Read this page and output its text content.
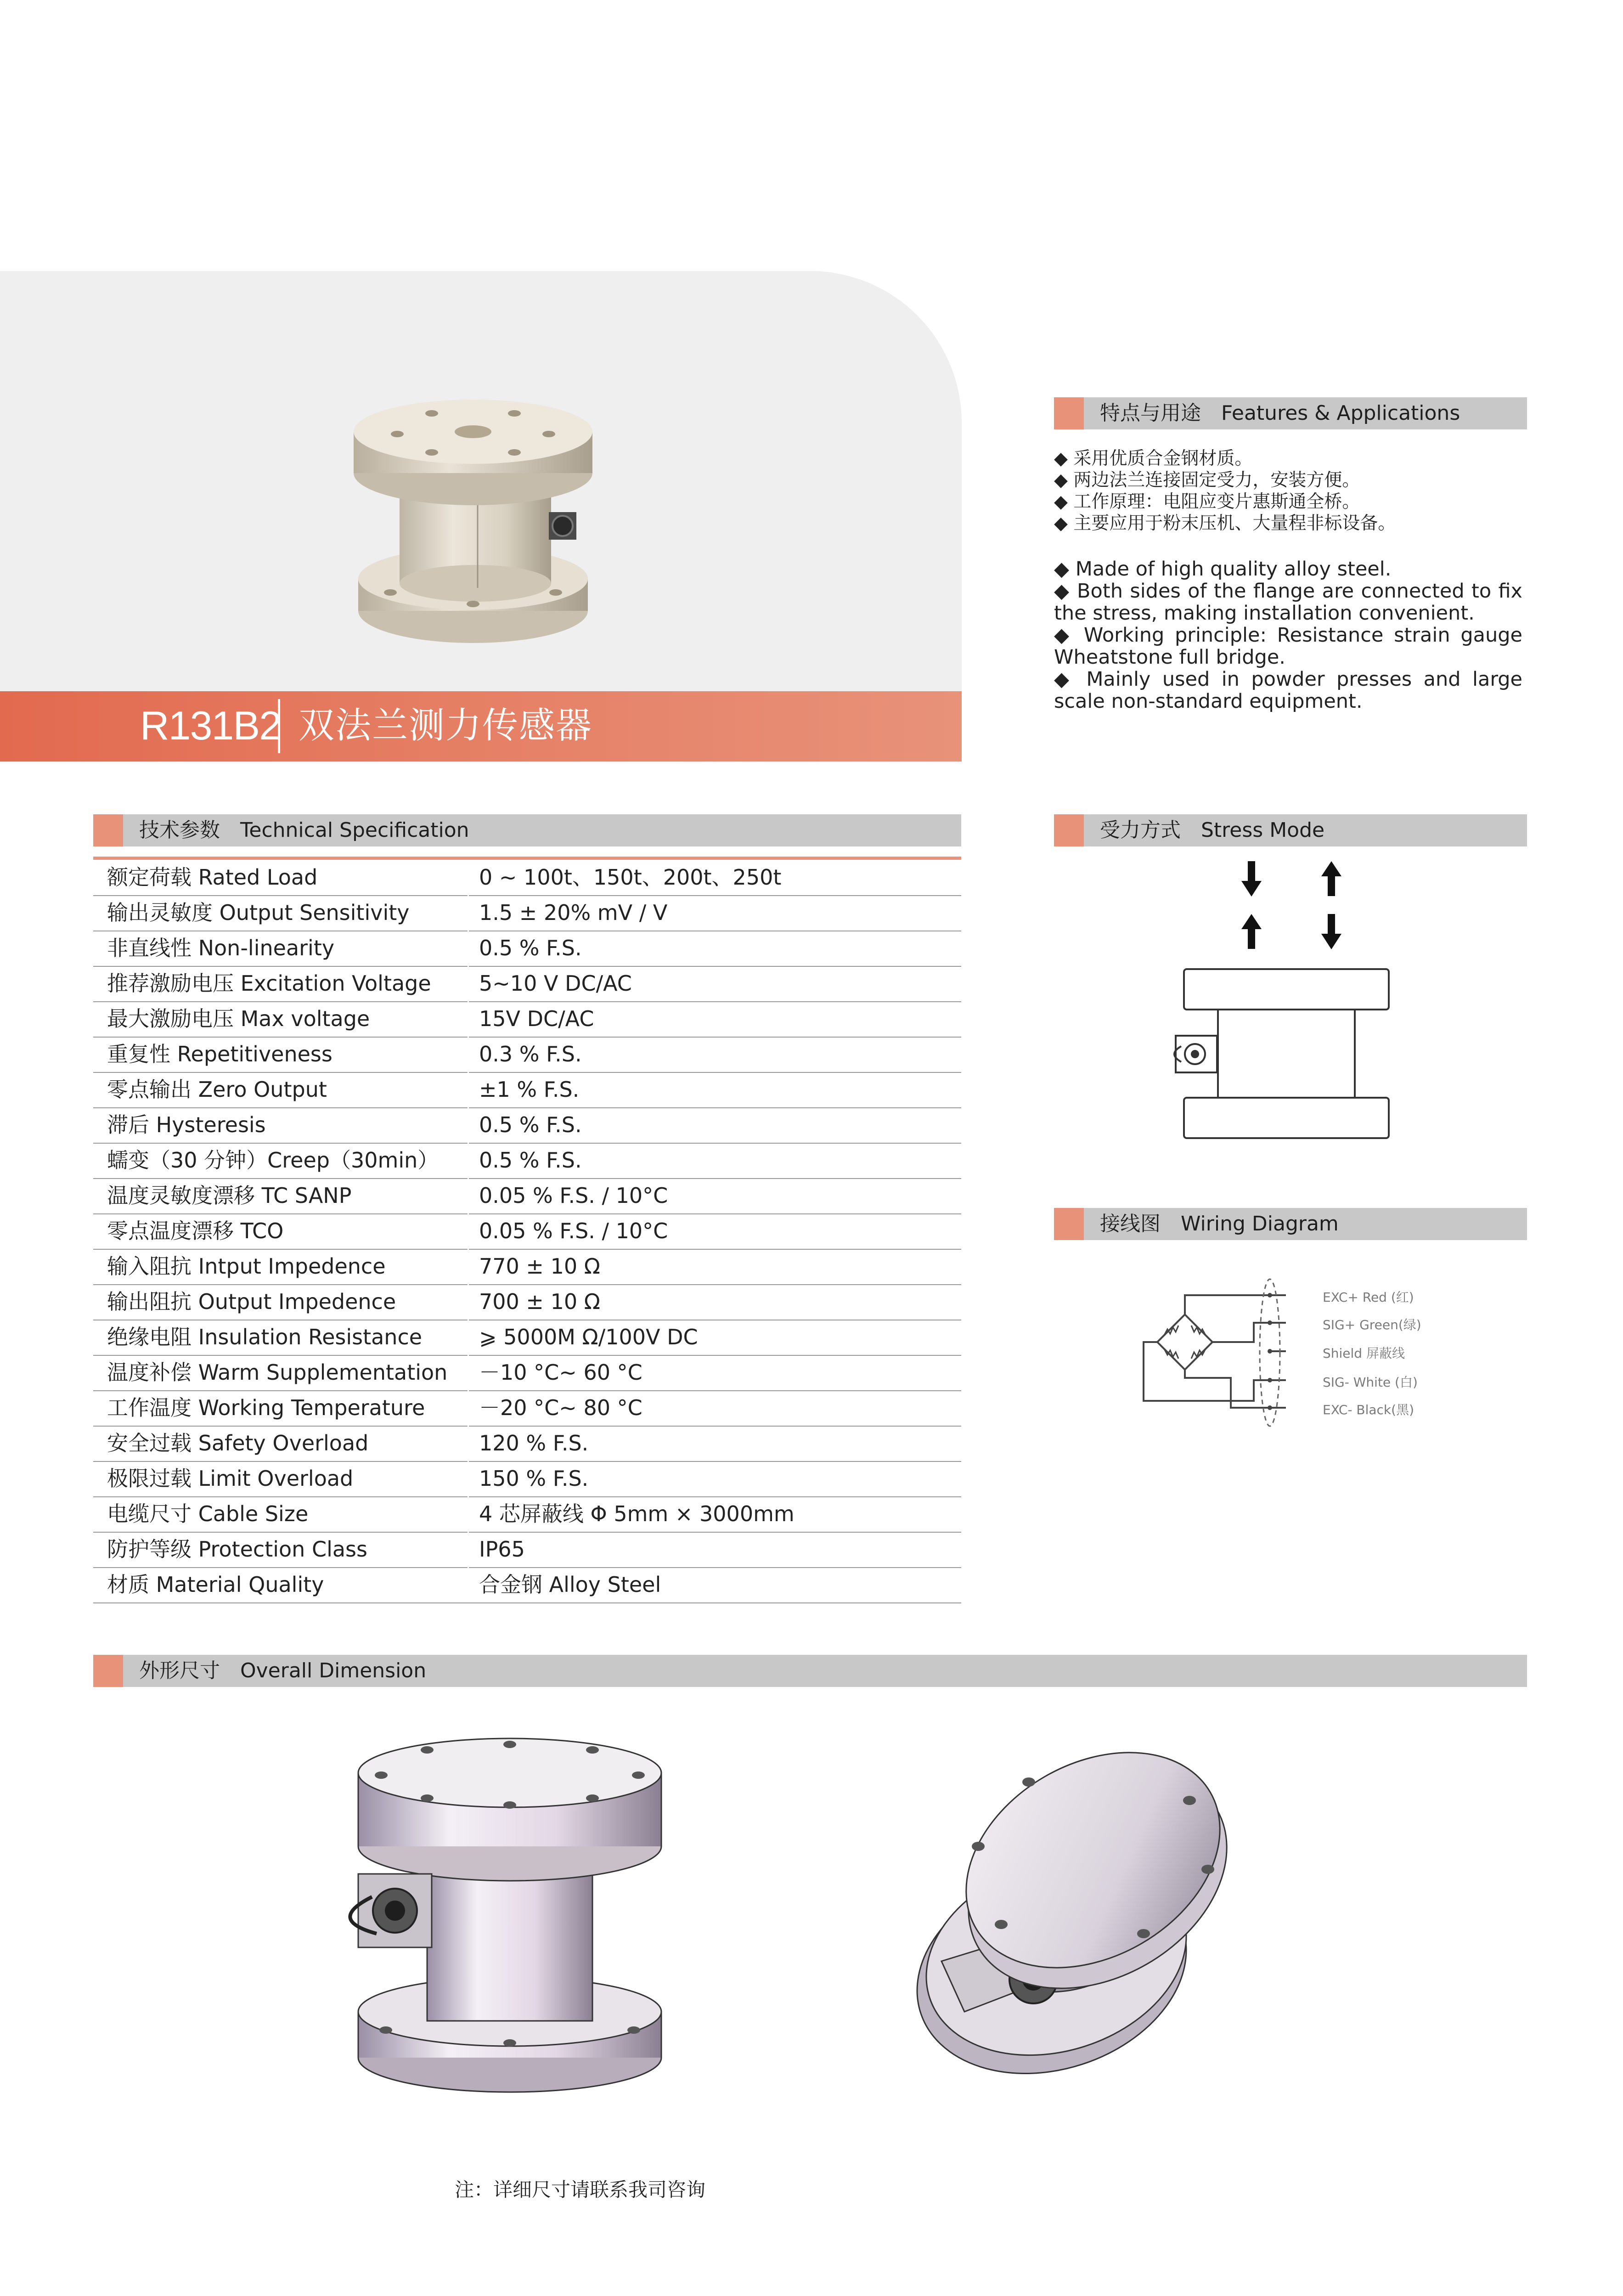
R131B2 双法兰测力传感器
特点与用途　Features & Applications
◆ 采用优质合金钢材质。
◆ 两边法兰连接固定受力，安装方便。
◆ 工作原理：电阻应变片惠斯通全桥。
◆ 主要应用于粉末压机、大量程非标设备。
◆ Made of high quality alloy steel.
◆ Both sides of the flange are connected to fix the stress, making installation convenient.
◆ Working principle: Resistance strain gauge Wheatstone full bridge.
◆ Mainly used in powder presses and large scale non-standard equipment.
技术参数　Technical Specification
额定荷载 Rated Load	0 ~ 100t、150t、200t、250t
输出灵敏度 Output Sensitivity	1.5 ± 20% mV / V
非直线性 Non-linearity	0.5 % F.S.
推荐激励电压 Excitation Voltage 5~10 V DC/AC
最大激励电压 Max voltage	15V DC/AC
重复性 Repetitiveness	0.3 % F.S.
零点输出 Zero Output	±1 % F.S.
滞后 Hysteresis	0.5 % F.S.
蠕变（30 分钟）Creep（30min） 0.5 % F.S.
温度灵敏度漂移 TC SANP	0.05 % F.S. / 10°C
零点温度漂移 TCO	0.05 % F.S. / 10°C
输入阻抗 Intput Impedence	770 ± 10 Ω
输出阻抗 Output Impedence	700 ± 10 Ω
绝缘电阻 Insulation Resistance	⩾ 5000M Ω/100V DC
温度补偿 Warm Supplementation －10 °C~ 60 °C
工作温度 Working Temperature	－20 °C~ 80 °C
安全过载 Safety Overload	120 % F.S.
极限过载 Limit Overload	150 % F.S.
电缆尺寸 Cable Size	4 芯屏蔽线 Φ 5mm × 3000mm
防护等级 Protection Class	IP65
材质 Material Quality	合金钢 Alloy Steel
受力方式　Stress Mode
接线图　Wiring Diagram
EXC+ Red (红)
SIG+ Green(绿)
Shield 屏蔽线
SIG- White (白)
EXC- Black(黑)
外形尺寸　Overall Dimension
注：详细尺寸请联系我司咨询
